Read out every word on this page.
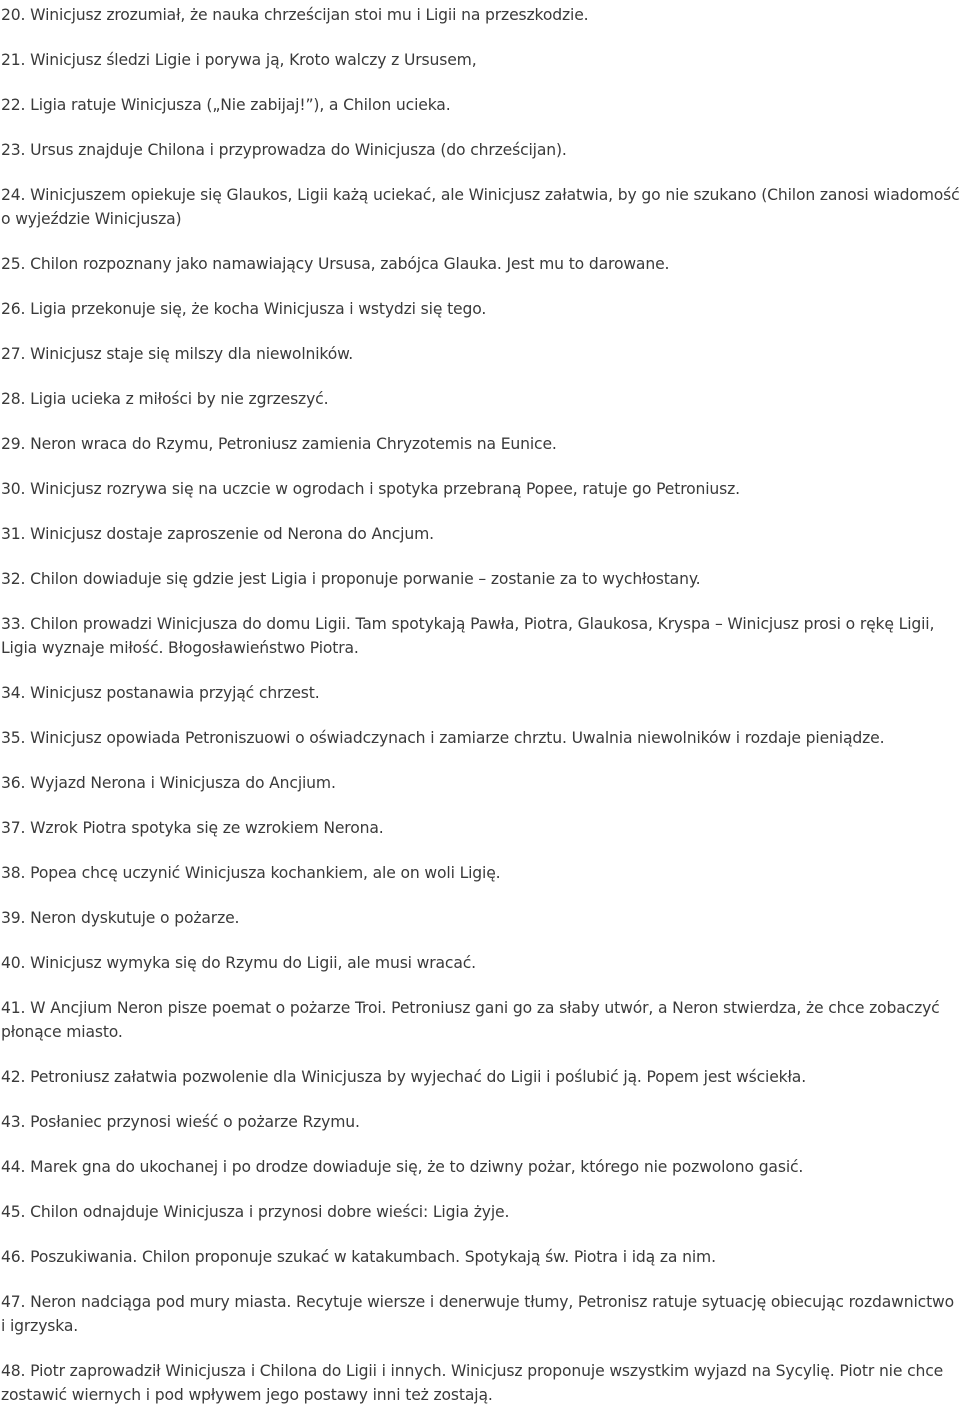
20. Winicjusz zrozumiał, że nauka chrześcijan stoi mu i Ligii na przeszkodzie.
21. Winicjusz śledzi Ligie i porywa ją, Kroto walczy z Ursusem,
22. Ligia ratuje Winicjusza („Nie zabijaj!”), a Chilon ucieka.
23. Ursus znajduje Chilona i przyprowadza do Winicjusza (do chrześcijan).
24. Winicjuszem opiekuje się Glaukos, Ligii każą uciekać, ale Winicjusz załatwia, by go nie szukano (Chilon zanosi wiadomość o wyjeździe Winicjusza)
25. Chilon rozpoznany jako namawiający Ursusa, zabójca Glauka. Jest mu to darowane.
26. Ligia przekonuje się, że kocha Winicjusza i wstydzi się tego.
27. Winicjusz staje się milszy dla niewolników.
28. Ligia ucieka z miłości by nie zgrzeszyć.
29. Neron wraca do Rzymu, Petroniusz zamienia Chryzotemis na Eunice.
30. Winicjusz rozrywa się na uczcie w ogrodach i spotyka przebraną Popee, ratuje go Petroniusz.
31. Winicjusz dostaje zaproszenie od Nerona do Ancjum.
32. Chilon dowiaduje się gdzie jest Ligia i proponuje porwanie – zostanie za to wychłostany.
33. Chilon prowadzi Winicjusza do domu Ligii. Tam spotykają Pawła, Piotra, Glaukosa, Kryspa – Winicjusz prosi o rękę Ligii, Ligia wyznaje miłość. Błogosławieństwo Piotra.
34. Winicjusz postanawia przyjąć chrzest.
35. Winicjusz opowiada Petroniszuowi o oświadczynach i zamiarze chrztu. Uwalnia niewolników i rozdaje pieniądze.
36. Wyjazd Nerona i Winicjusza do Ancjium.
37. Wzrok Piotra spotyka się ze wzrokiem Nerona.
38. Popea chcę uczynić Winicjusza kochankiem, ale on woli Ligię.
39. Neron dyskutuje o pożarze.
40. Winicjusz wymyka się do Rzymu do Ligii, ale musi wracać.
41. W Ancjium Neron pisze poemat o pożarze Troi. Petroniusz gani go za słaby utwór, a Neron stwierdza, że chce zobaczyć płonące miasto.
42. Petroniusz załatwia pozwolenie dla Winicjusza by wyjechać do Ligii i poślubić ją. Popem jest wściekła.
43. Posłaniec przynosi wieść o pożarze Rzymu.
44. Marek gna do ukochanej i po drodze dowiaduje się, że to dziwny pożar, którego nie pozwolono gasić.
45. Chilon odnajduje Winicjusza i przynosi dobre wieści: Ligia żyje.
46. Poszukiwania. Chilon proponuje szukać w katakumbach. Spotykają św. Piotra i idą za nim.
47. Neron nadciąga pod mury miasta. Recytuje wiersze i denerwuje tłumy, Petronisz ratuje sytuację obiecując rozdawnictwo i igrzyska.
48. Piotr zaprowadził Winicjusza i Chilona do Ligii i innych. Winicjusz proponuje wszystkim wyjazd na Sycylię. Piotr nie chce zostawić wiernych i pod wpływem jego postawy inni też zostają.
